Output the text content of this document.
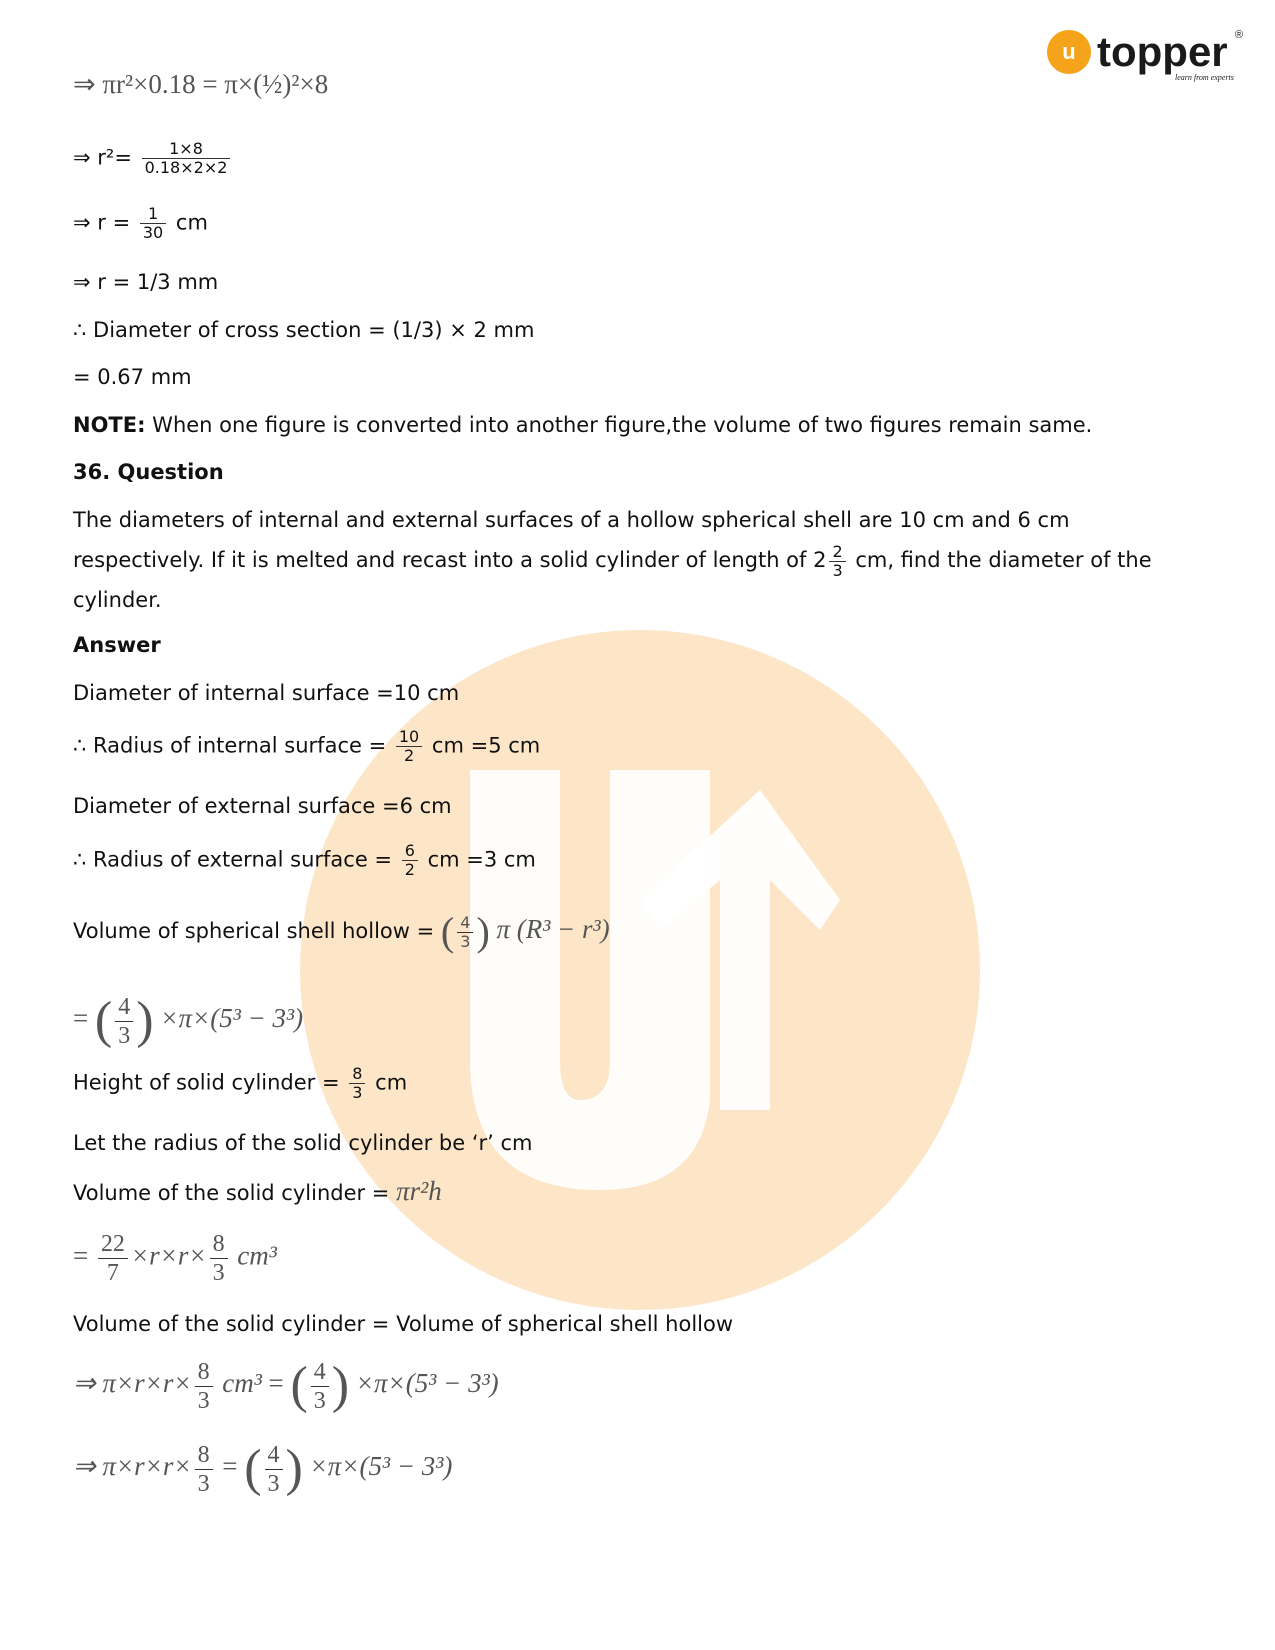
u topper ®
learn from experts
⇒ πr²×0.18 = π×(½)²×8
⇒ $r^2= \frac{1\times 8}{0.18\times 2\times 2}$
⇒ $r = \frac{1}{30}$ cm
⇒ r = 1/3 mm
∴ Diameter of cross section = (1/3) × 2 mm
= 0.67 mm
NOTE: When one figure is converted into another figure,the volume of two figures remain same.
36. Question
The diameters of internal and external surfaces of a hollow spherical shell are 10 cm and 6 cm respectively. If it is melted and recast into a solid cylinder of length of $2 \frac{2}{3}$ cm, find the diameter of the cylinder.
Answer
Diameter of internal surface =10 cm
∴ Radius of internal surface = $\frac{10}{2}$ cm =5 cm
Diameter of external surface =6 cm
∴ Radius of external surface = $\frac{6}{2}$ cm =3 cm
Volume of spherical shell hollow = ( $\frac{4}{3}$ ) π (R³ − r³)
= ( $\frac{4}{3}$ ) ×π×(5³ − 3³)
Height of solid cylinder = $\frac{8}{3}$ cm
Let the radius of the solid cylinder be ‘r’ cm
Volume of the solid cylinder = πr²h
= $\frac{22}{7} \times r\times r\times \frac{8}{3} cm^3$
Volume of the solid cylinder = Volume of spherical shell hollow
⇒ $\pi\times r\times r\times \frac{8}{3} cm^3$ = ( $\frac{4}{3}$ ) ×π×(5³ − 3³)
⇒ $\pi\times r\times r\times \frac{8}{3}$ = ( $\frac{4}{3}$ ) ×π×(5³ − 3³)
